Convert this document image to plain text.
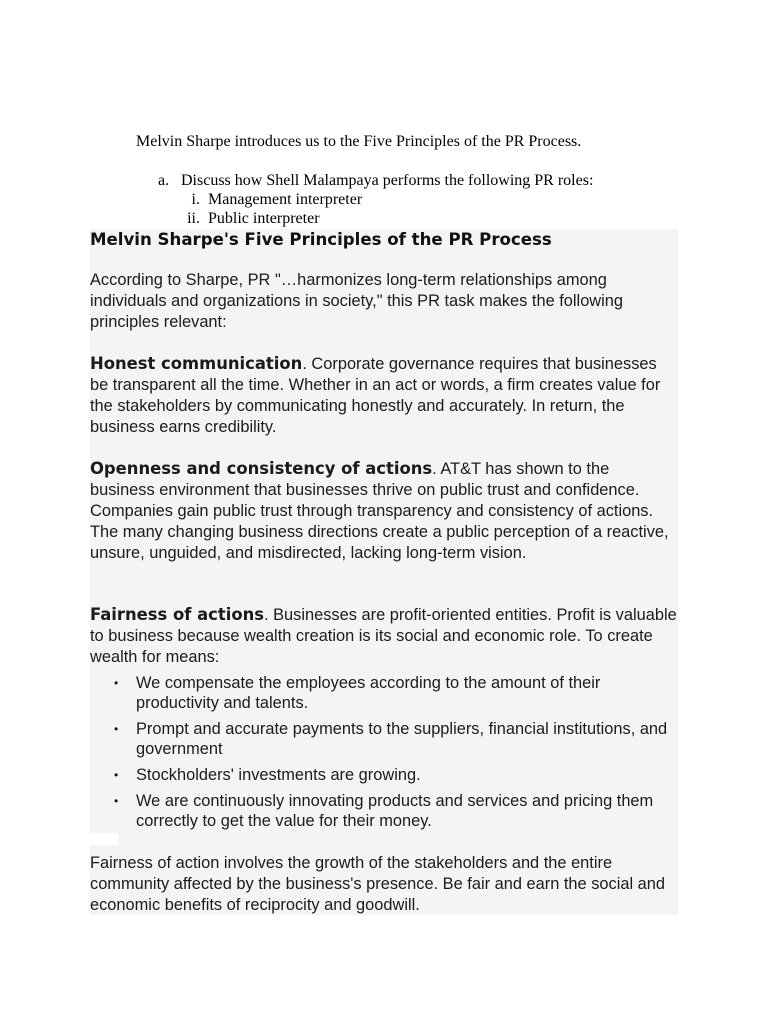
Melvin Sharpe introduces us to the Five Principles of the PR Process.

a. Discuss how Shell Malampaya performs the following PR roles:

i. Management interpreter

ii. Public interpreter

Melvin Sharpe's Five Principles of the PR Process

According to Sharpe, PR "…harmonizes long-term relationships among individuals and organizations in society," this PR task makes the following principles relevant:

Honest communication. Corporate governance requires that businesses be transparent all the time. Whether in an act or words, a firm creates value for the stakeholders by communicating honestly and accurately. In return, the business earns credibility.

Openness and consistency of actions. AT&T has shown to the business environment that businesses thrive on public trust and confidence. Companies gain public trust through transparency and consistency of actions. The many changing business directions create a public perception of a reactive, unsure, unguided, and misdirected, lacking long-term vision.

Fairness of actions. Businesses are profit-oriented entities. Profit is valuable to business because wealth creation is its social and economic role. To create wealth for means:

• We compensate the employees according to the amount of their productivity and talents.
• Prompt and accurate payments to the suppliers, financial institutions, and government
• Stockholders' investments are growing.
• We are continuously innovating products and services and pricing them correctly to get the value for their money.

Fairness of action involves the growth of the stakeholders and the entire community affected by the business's presence. Be fair and earn the social and economic benefits of reciprocity and goodwill.
